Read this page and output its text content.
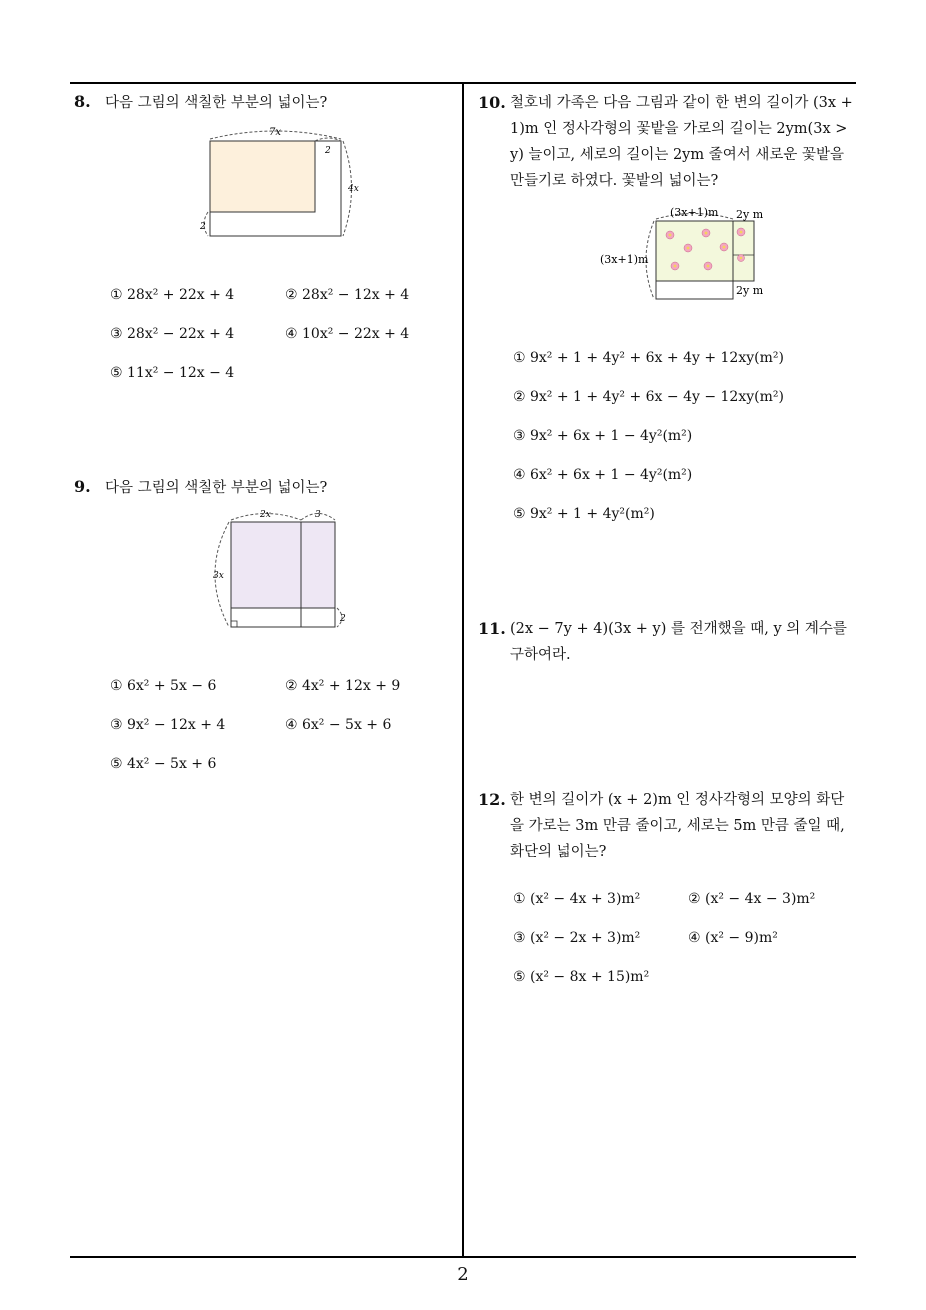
8. 다음 그림의 색칠한 부분의 넓이는?
7x
2
4x
2
① 28x² + 22x + 4	② 28x² − 12x + 4
③ 28x² − 22x + 4	④ 10x² − 22x + 4
⑤ 11x² − 12x − 4
9. 다음 그림의 색칠한 부분의 넓이는?
2x	3
3x
2
① 6x² + 5x − 6	② 4x² + 12x + 9
③ 9x² − 12x + 4	④ 6x² − 5x + 6
⑤ 4x² − 5x + 6
10. 철호네 가족은 다음 그림과 같이 한 변의 길이가 (3x +
1)m 인 정사각형의 꽃밭을 가로의 길이는 2ym(3x >
y) 늘이고, 세로의 길이는 2ym 줄여서 새로운 꽃밭을
만들기로 하였다. 꽃밭의 넓이는?
(3x+1)m 2y m
(3x+1)m
2y m
① 9x² + 1 + 4y² + 6x + 4y + 12xy(m²)
② 9x² + 1 + 4y² + 6x − 4y − 12xy(m²)
③ 9x² + 6x + 1 − 4y²(m²)
④ 6x² + 6x + 1 − 4y²(m²)
⑤ 9x² + 1 + 4y²(m²)
11. (2x − 7y + 4)(3x + y) 를 전개했을 때, y 의 계수를
구하여라.
12. 한 변의 길이가 (x + 2)m 인 정사각형의 모양의 화단
을 가로는 3m 만큼 줄이고, 세로는 5m 만큼 줄일 때,
화단의 넓이는?
① (x² − 4x + 3)m²	② (x² − 4x − 3)m²
③ (x² − 2x + 3)m²	④ (x² − 9)m²
⑤ (x² − 8x + 15)m²
2
